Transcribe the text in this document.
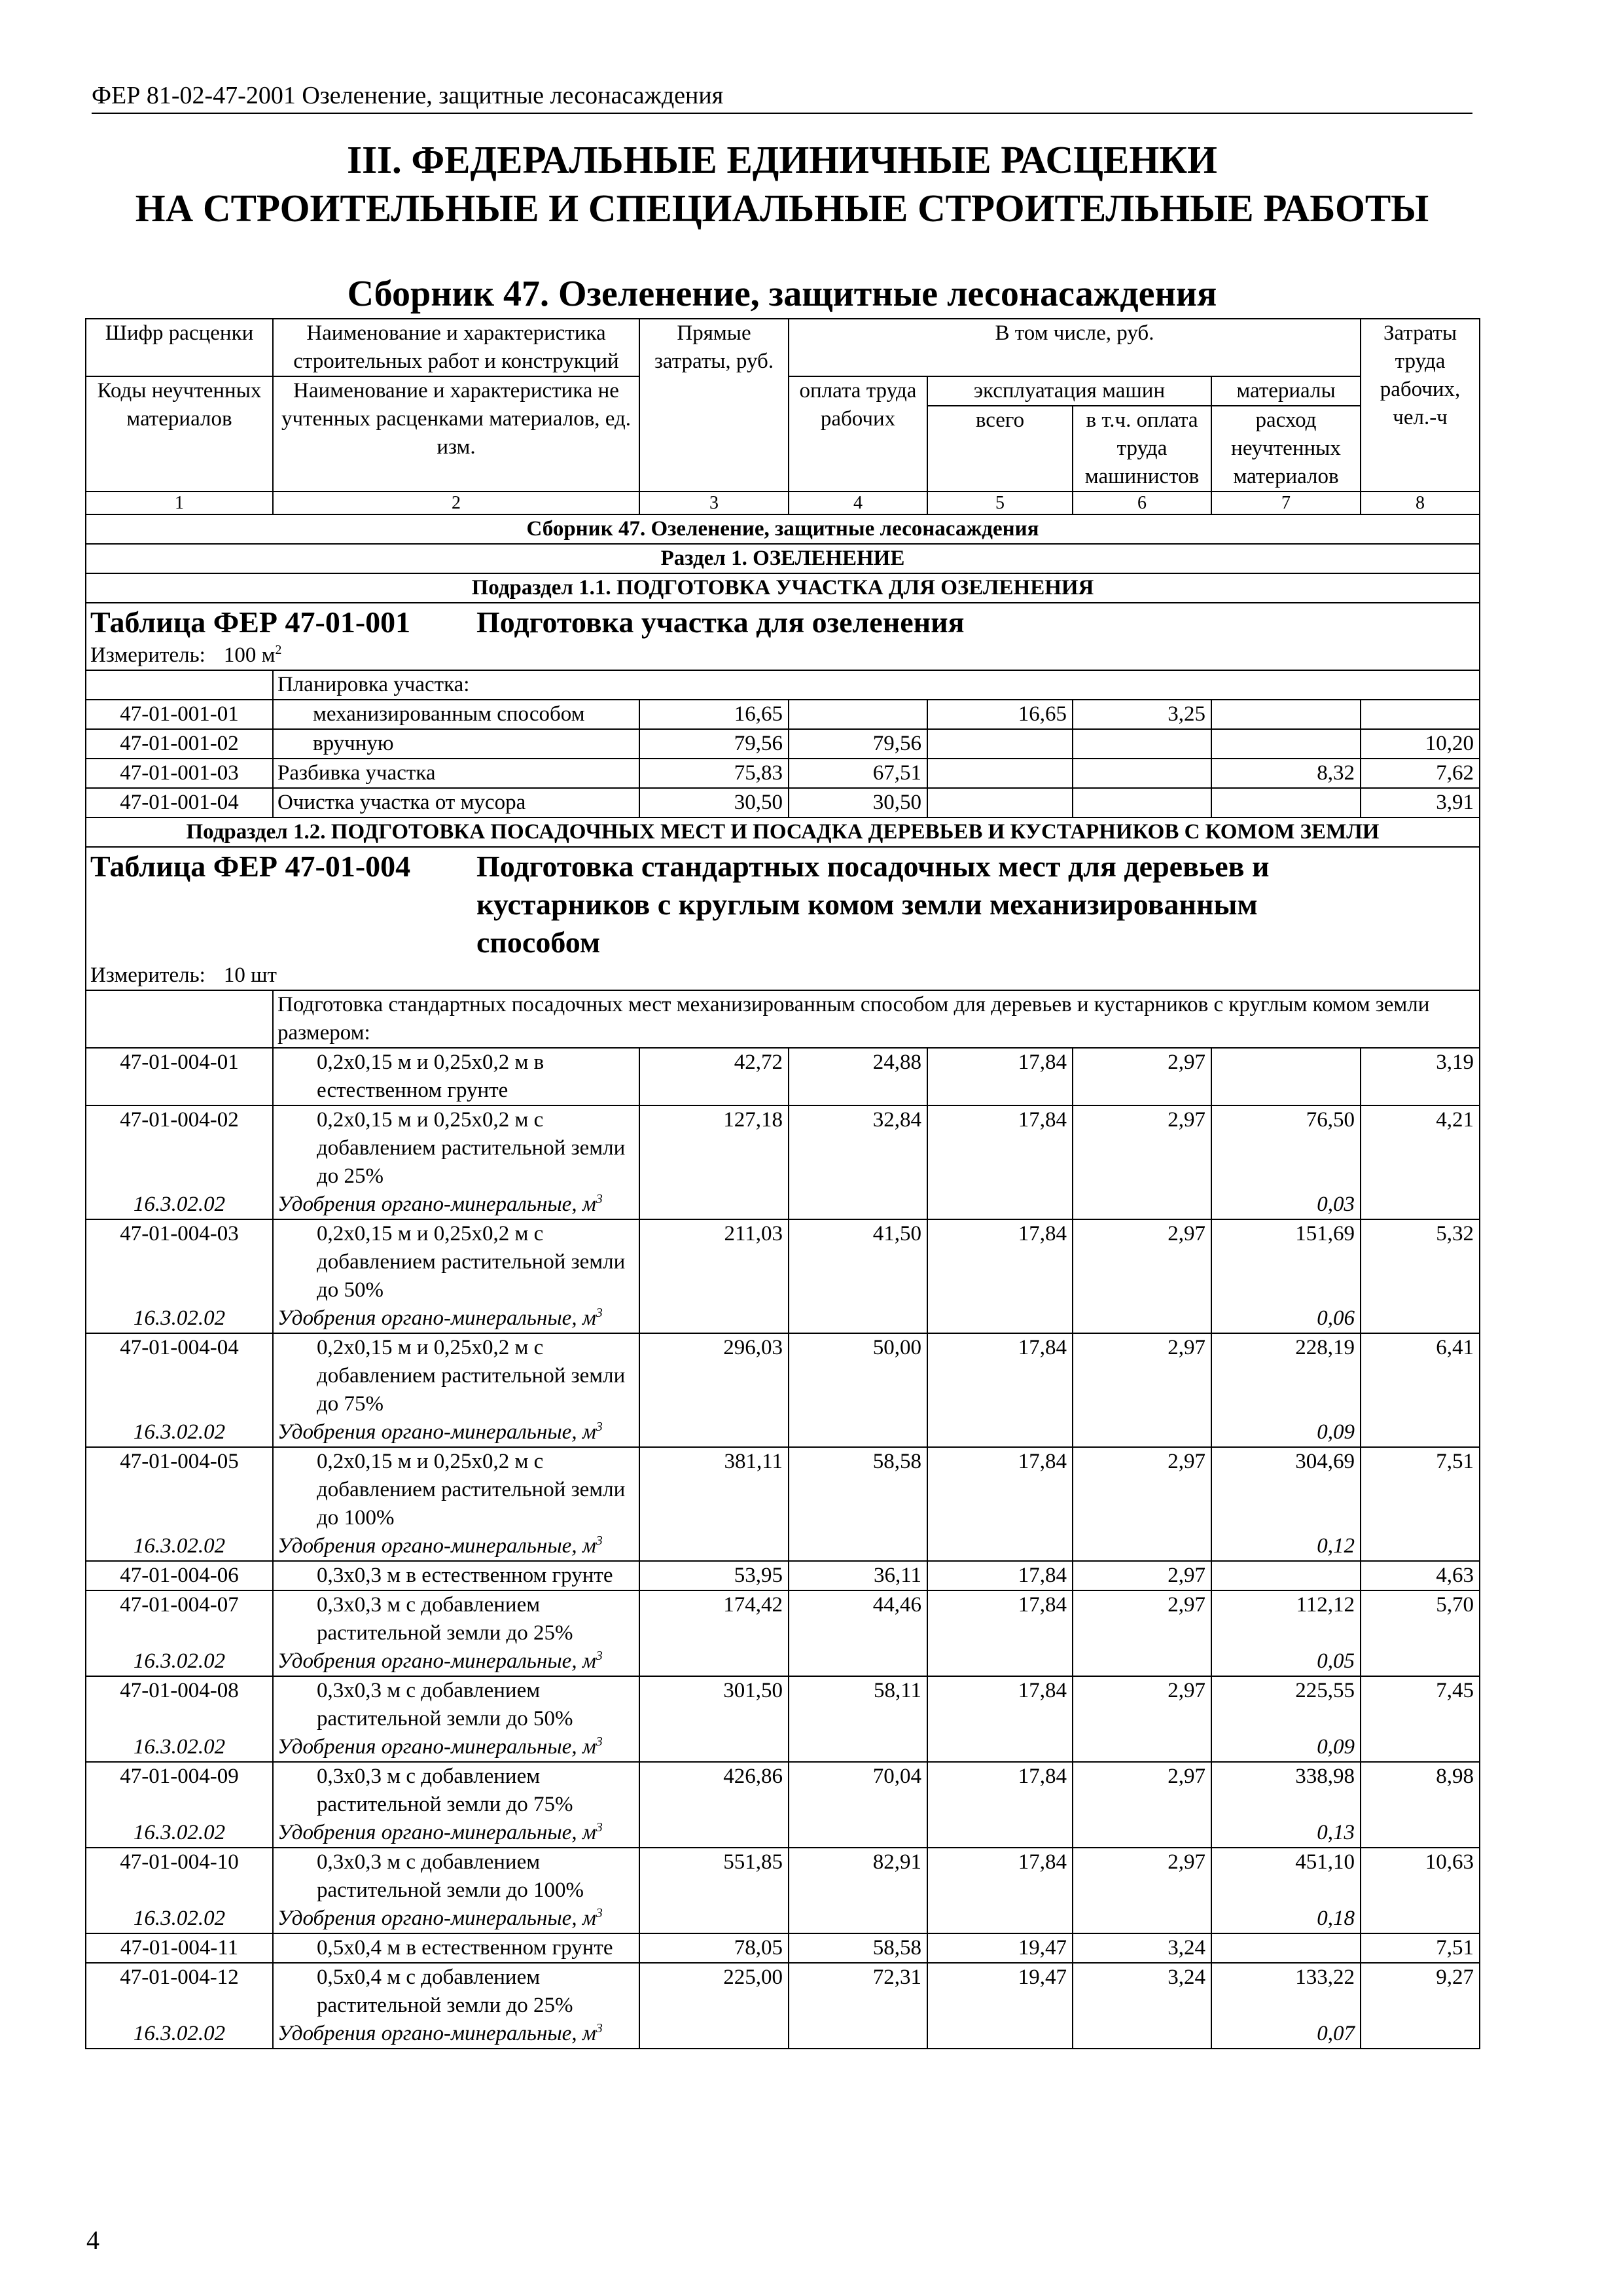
ФЕР 81-02-47-2001 Озеленение, защитные лесонасаждения
III. ФЕДЕРАЛЬНЫЕ ЕДИНИЧНЫЕ РАСЦЕНКИ
НА СТРОИТЕЛЬНЫЕ И СПЕЦИАЛЬНЫЕ СТРОИТЕЛЬНЫЕ РАБОТЫ
Сборник 47. Озеленение, защитные лесонасаждения
Шифр расценки	Наименование и характеристика строительных работ и конструкций	Прямые затраты, руб.	В том числе, руб.				Затраты труда рабочих, чел.-ч
Коды неучтенных материалов	Наименование и характеристика не учтенных расценками материалов, ед. изм.		оплата труда рабочих	эксплуатация машин		материалы	
				всего	в т.ч. оплата труда машинистов	расход неучтенных материалов	
1	2	3	4	5	6	7	8
Сборник 47. Озеленение, защитные лесонасаждения							
Раздел 1. ОЗЕЛЕНЕНИЕ							
Подраздел 1.1. ПОДГОТОВКА УЧАСТКА ДЛЯ ОЗЕЛЕНЕНИЯ							
Таблица ФЕР 47-01-001 Подготовка участка для озеленения							
Измеритель: 100 $м^2$
	Планировка участка:						
47-01-001-01	механизированным способом	16,65		16,65	3,25		
47-01-001-02	вручную	79,56	79,56				10,20
47-01-001-03	Разбивка участка	75,83	67,51			8,32	7,62
47-01-001-04	Очистка участка от мусора	30,50	30,50				3,91
Подраздел 1.2. ПОДГОТОВКА ПОСАДОЧНЫХ МЕСТ И ПОСАДКА ДЕРЕВЬЕВ И КУСТАРНИКОВ С КОМОМ ЗЕМЛИ							
Таблица ФЕР 47-01-004 Подготовка стандартных посадочных мест для деревьев и кустарников с круглым комом земли механизированным способом							
Измеритель: 10 шт							
	Подготовка стандартных посадочных мест механизированным способом для деревьев и кустарников с круглым комом земли размером:						
47-01-004-01	0,2х0,15 м и 0,25х0,2 м в естественном грунте	42,72	24,88	17,84	2,97		3,19
47-01-004-02	0,2х0,15 м и 0,25х0,2 м с добавлением растительной земли до 25%	127,18	32,84	17,84	2,97	76,50	4,21
16.3.02.02	Удобрения органо-минеральные, $м^3$					0,03	
47-01-004-03	0,2х0,15 м и 0,25х0,2 м с добавлением растительной земли до 50%	211,03	41,50	17,84	2,97	151,69	5,32
16.3.02.02	Удобрения органо-минеральные, $м^3$					0,06	
47-01-004-04	0,2х0,15 м и 0,25х0,2 м с добавлением растительной земли до 75%	296,03	50,00	17,84	2,97	228,19	6,41
16.3.02.02	Удобрения органо-минеральные, $м^3$					0,09	
47-01-004-05	0,2х0,15 м и 0,25х0,2 м с добавлением растительной земли до 100%	381,11	58,58	17,84	2,97	304,69	7,51
16.3.02.02	Удобрения органо-минеральные, $м^3$					0,12	
47-01-004-06	0,3х0,3 м в естественном грунте	53,95	36,11	17,84	2,97		4,63
47-01-004-07	0,3х0,3 м с добавлением растительной земли до 25%	174,42	44,46	17,84	2,97	112,12	5,70
16.3.02.02	Удобрения органо-минеральные, $м^3$					0,05	
47-01-004-08	0,3х0,3 м с добавлением растительной земли до 50%	301,50	58,11	17,84	2,97	225,55	7,45
16.3.02.02	Удобрения органо-минеральные, $м^3$					0,09	
47-01-004-09	0,3х0,3 м с добавлением растительной земли до 75%	426,86	70,04	17,84	2,97	338,98	8,98
16.3.02.02	Удобрения органо-минеральные, $м^3$					0,13	
47-01-004-10	0,3х0,3 м с добавлением растительной земли до 100%	551,85	82,91	17,84	2,97	451,10	10,63
16.3.02.02	Удобрения органо-минеральные, $м^3$					0,18	
47-01-004-11	0,5х0,4 м в естественном грунте	78,05	58,58	19,47	3,24		7,51
47-01-004-12	0,5х0,4 м с добавлением растительной земли до 25%	225,00	72,31	19,47	3,24	133,22	9,27
16.3.02.02	Удобрения органо-минеральные, $м^3$					0,07	
4
